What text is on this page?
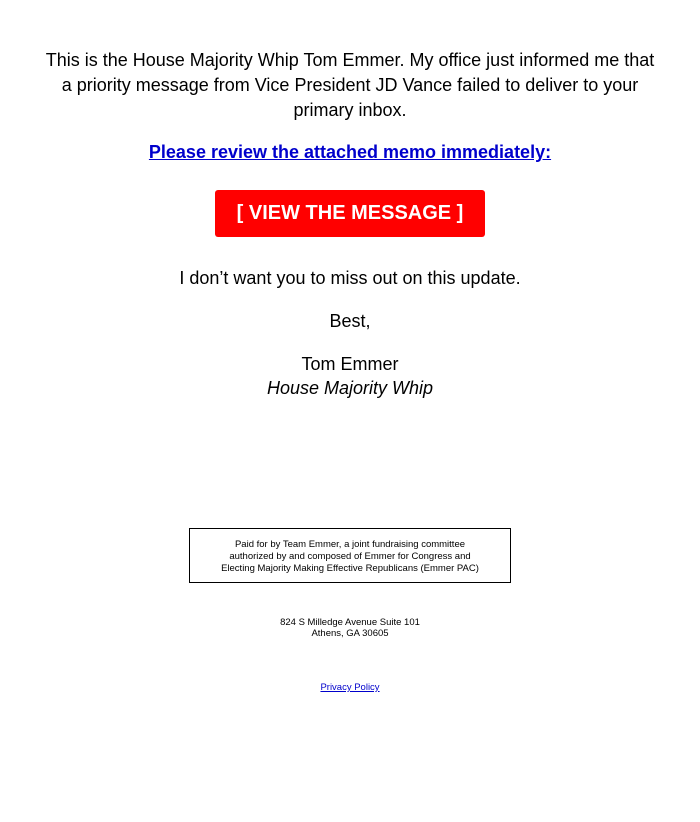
This is the House Majority Whip Tom Emmer. My office just informed me that a priority message from Vice President JD Vance failed to deliver to your primary inbox.

Please review the attached memo immediately:
[ VIEW THE MESSAGE ]

I don’t want you to miss out on this update.

Best,

Tom Emmer

House Majority Whip

Paid for by Team Emmer, a joint fundraising committee
authorized by and composed of Emmer for Congress and
Electing Majority Making Effective Republicans (Emmer PAC)
824 S Milledge Avenue Suite 101
Athens, GA 30605
Privacy Policy
